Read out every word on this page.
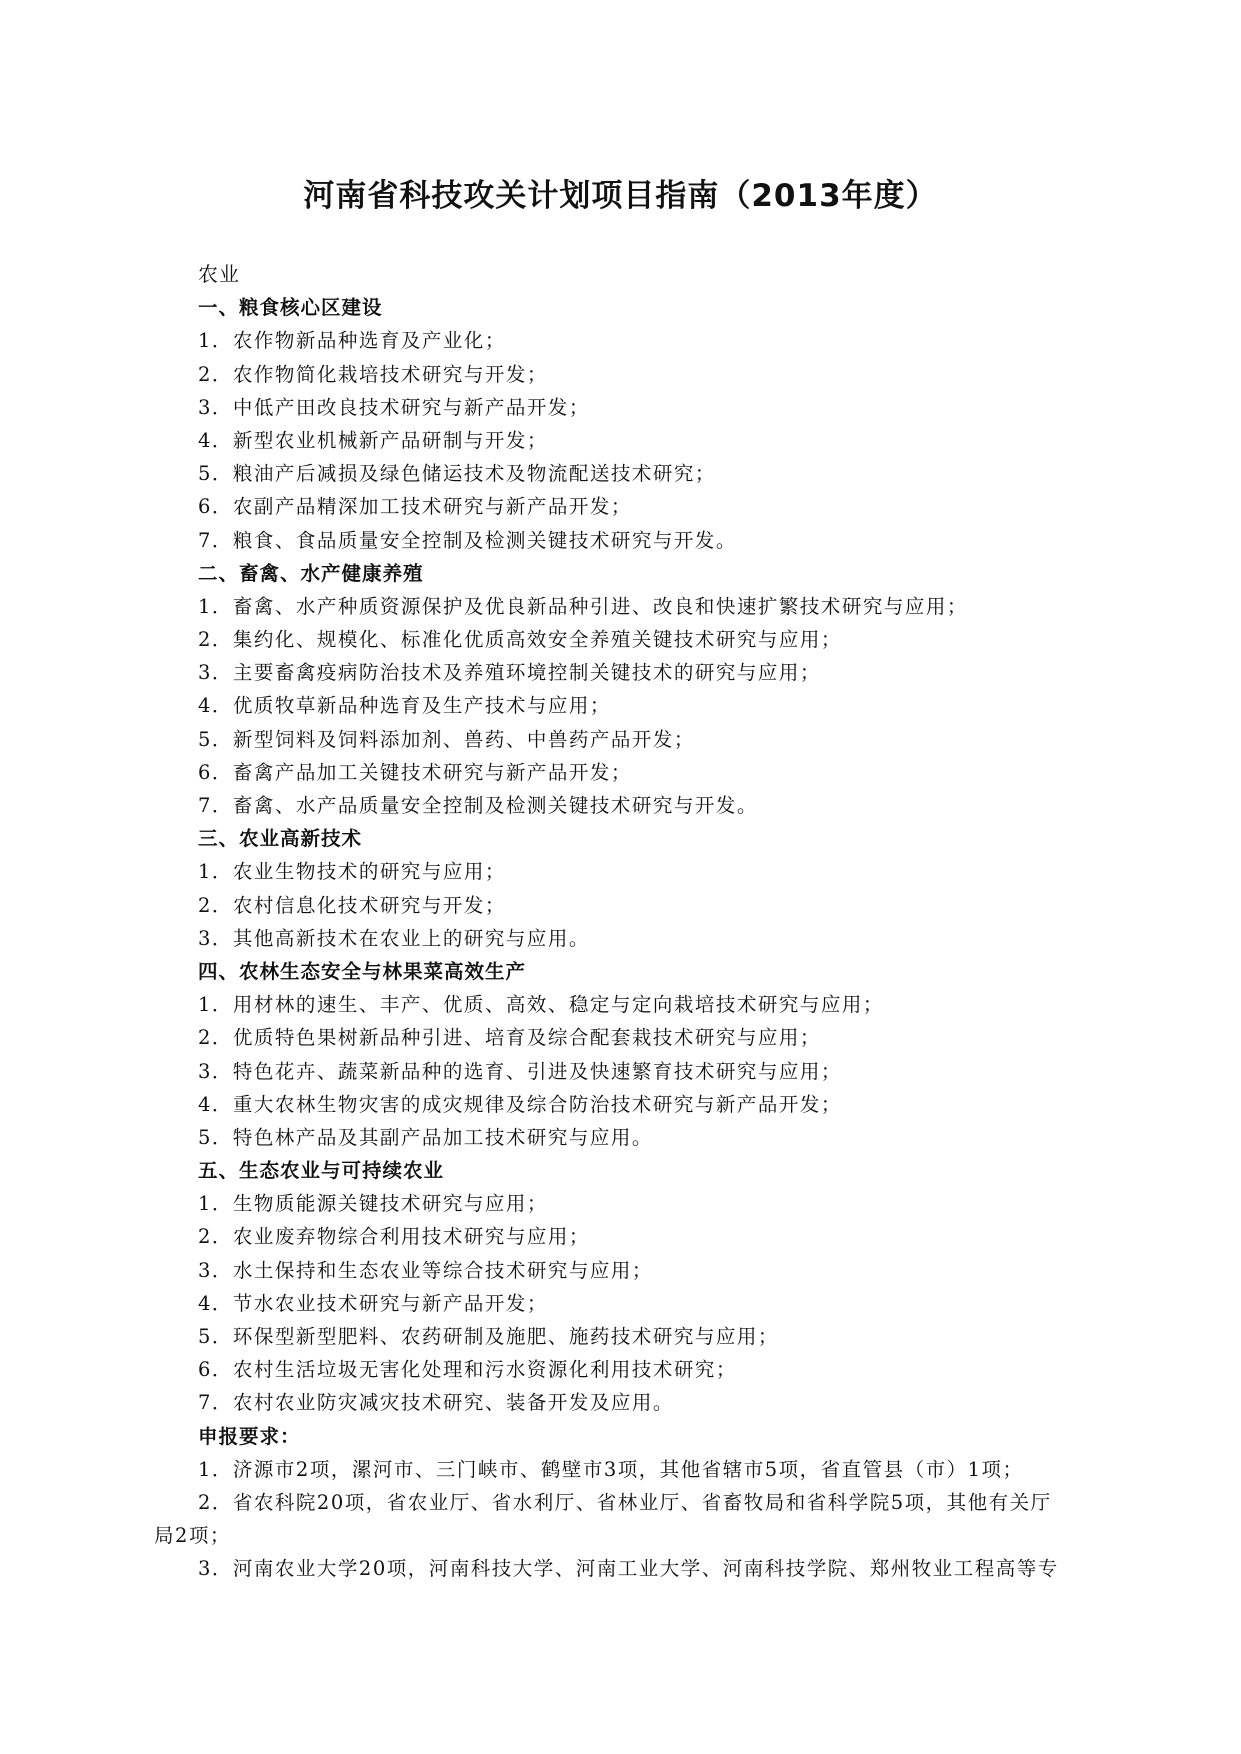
河南省科技攻关计划项目指南（2013年度）
农业
一、粮食核心区建设
1．农作物新品种选育及产业化；
2．农作物简化栽培技术研究与开发；
3．中低产田改良技术研究与新产品开发；
4．新型农业机械新产品研制与开发；
5．粮油产后减损及绿色储运技术及物流配送技术研究；
6．农副产品精深加工技术研究与新产品开发；
7．粮食、食品质量安全控制及检测关键技术研究与开发。
二、畜禽、水产健康养殖
1．畜禽、水产种质资源保护及优良新品种引进、改良和快速扩繁技术研究与应用；
2．集约化、规模化、标准化优质高效安全养殖关键技术研究与应用；
3．主要畜禽疫病防治技术及养殖环境控制关键技术的研究与应用；
4．优质牧草新品种选育及生产技术与应用；
5．新型饲料及饲料添加剂、兽药、中兽药产品开发；
6．畜禽产品加工关键技术研究与新产品开发；
7．畜禽、水产品质量安全控制及检测关键技术研究与开发。
三、农业高新技术
1．农业生物技术的研究与应用；
2．农村信息化技术研究与开发；
3．其他高新技术在农业上的研究与应用。
四、农林生态安全与林果菜高效生产
1．用材林的速生、丰产、优质、高效、稳定与定向栽培技术研究与应用；
2．优质特色果树新品种引进、培育及综合配套栽技术研究与应用；
3．特色花卉、蔬菜新品种的选育、引进及快速繁育技术研究与应用；
4．重大农林生物灾害的成灾规律及综合防治技术研究与新产品开发；
5．特色林产品及其副产品加工技术研究与应用。
五、生态农业与可持续农业
1．生物质能源关键技术研究与应用；
2．农业废弃物综合利用技术研究与应用；
3．水土保持和生态农业等综合技术研究与应用；
4．节水农业技术研究与新产品开发；
5．环保型新型肥料、农药研制及施肥、施药技术研究与应用；
6．农村生活垃圾无害化处理和污水资源化利用技术研究；
7．农村农业防灾减灾技术研究、装备开发及应用。
申报要求：
1．济源市2项，漯河市、三门峡市、鹤壁市3项，其他省辖市5项，省直管县（市）1项；
2．省农科院20项，省农业厅、省水利厅、省林业厅、省畜牧局和省科学院5项，其他有关厅
局2项；
3．河南农业大学20项，河南科技大学、河南工业大学、河南科技学院、郑州牧业工程高等专
